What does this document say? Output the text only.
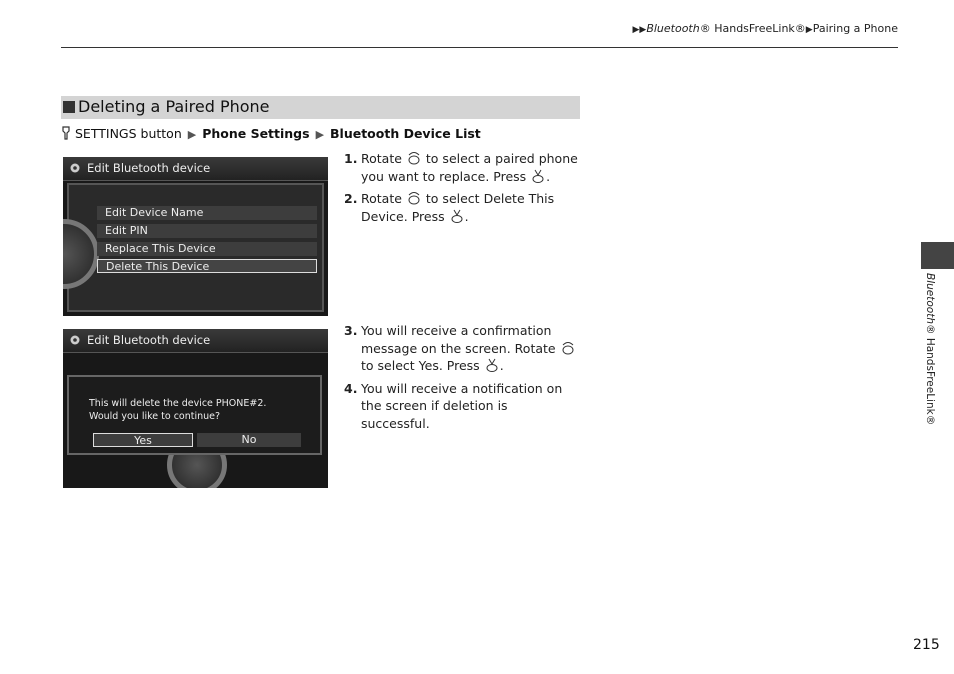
▶▶Bluetooth® HandsFreeLink®▶Pairing a Phone
Deleting a Paired Phone
SETTINGS button ▶ Phone Settings ▶ Bluetooth Device List
Edit Bluetooth device
Edit Device Name
Edit PIN
Replace This Device
Delete This Device
Edit Bluetooth device
This will delete the device PHONE#2.
Would you like to continue?
Yes	No
1. Rotate to select a paired phone you want to replace. Press .
2. Rotate to select Delete This Device. Press .
3. You will receive a confirmation message on the screen. Rotate  to select Yes. Press .
4. You will receive a notification on the screen if deletion is successful.
Bluetooth® HandsFreeLink®
215
